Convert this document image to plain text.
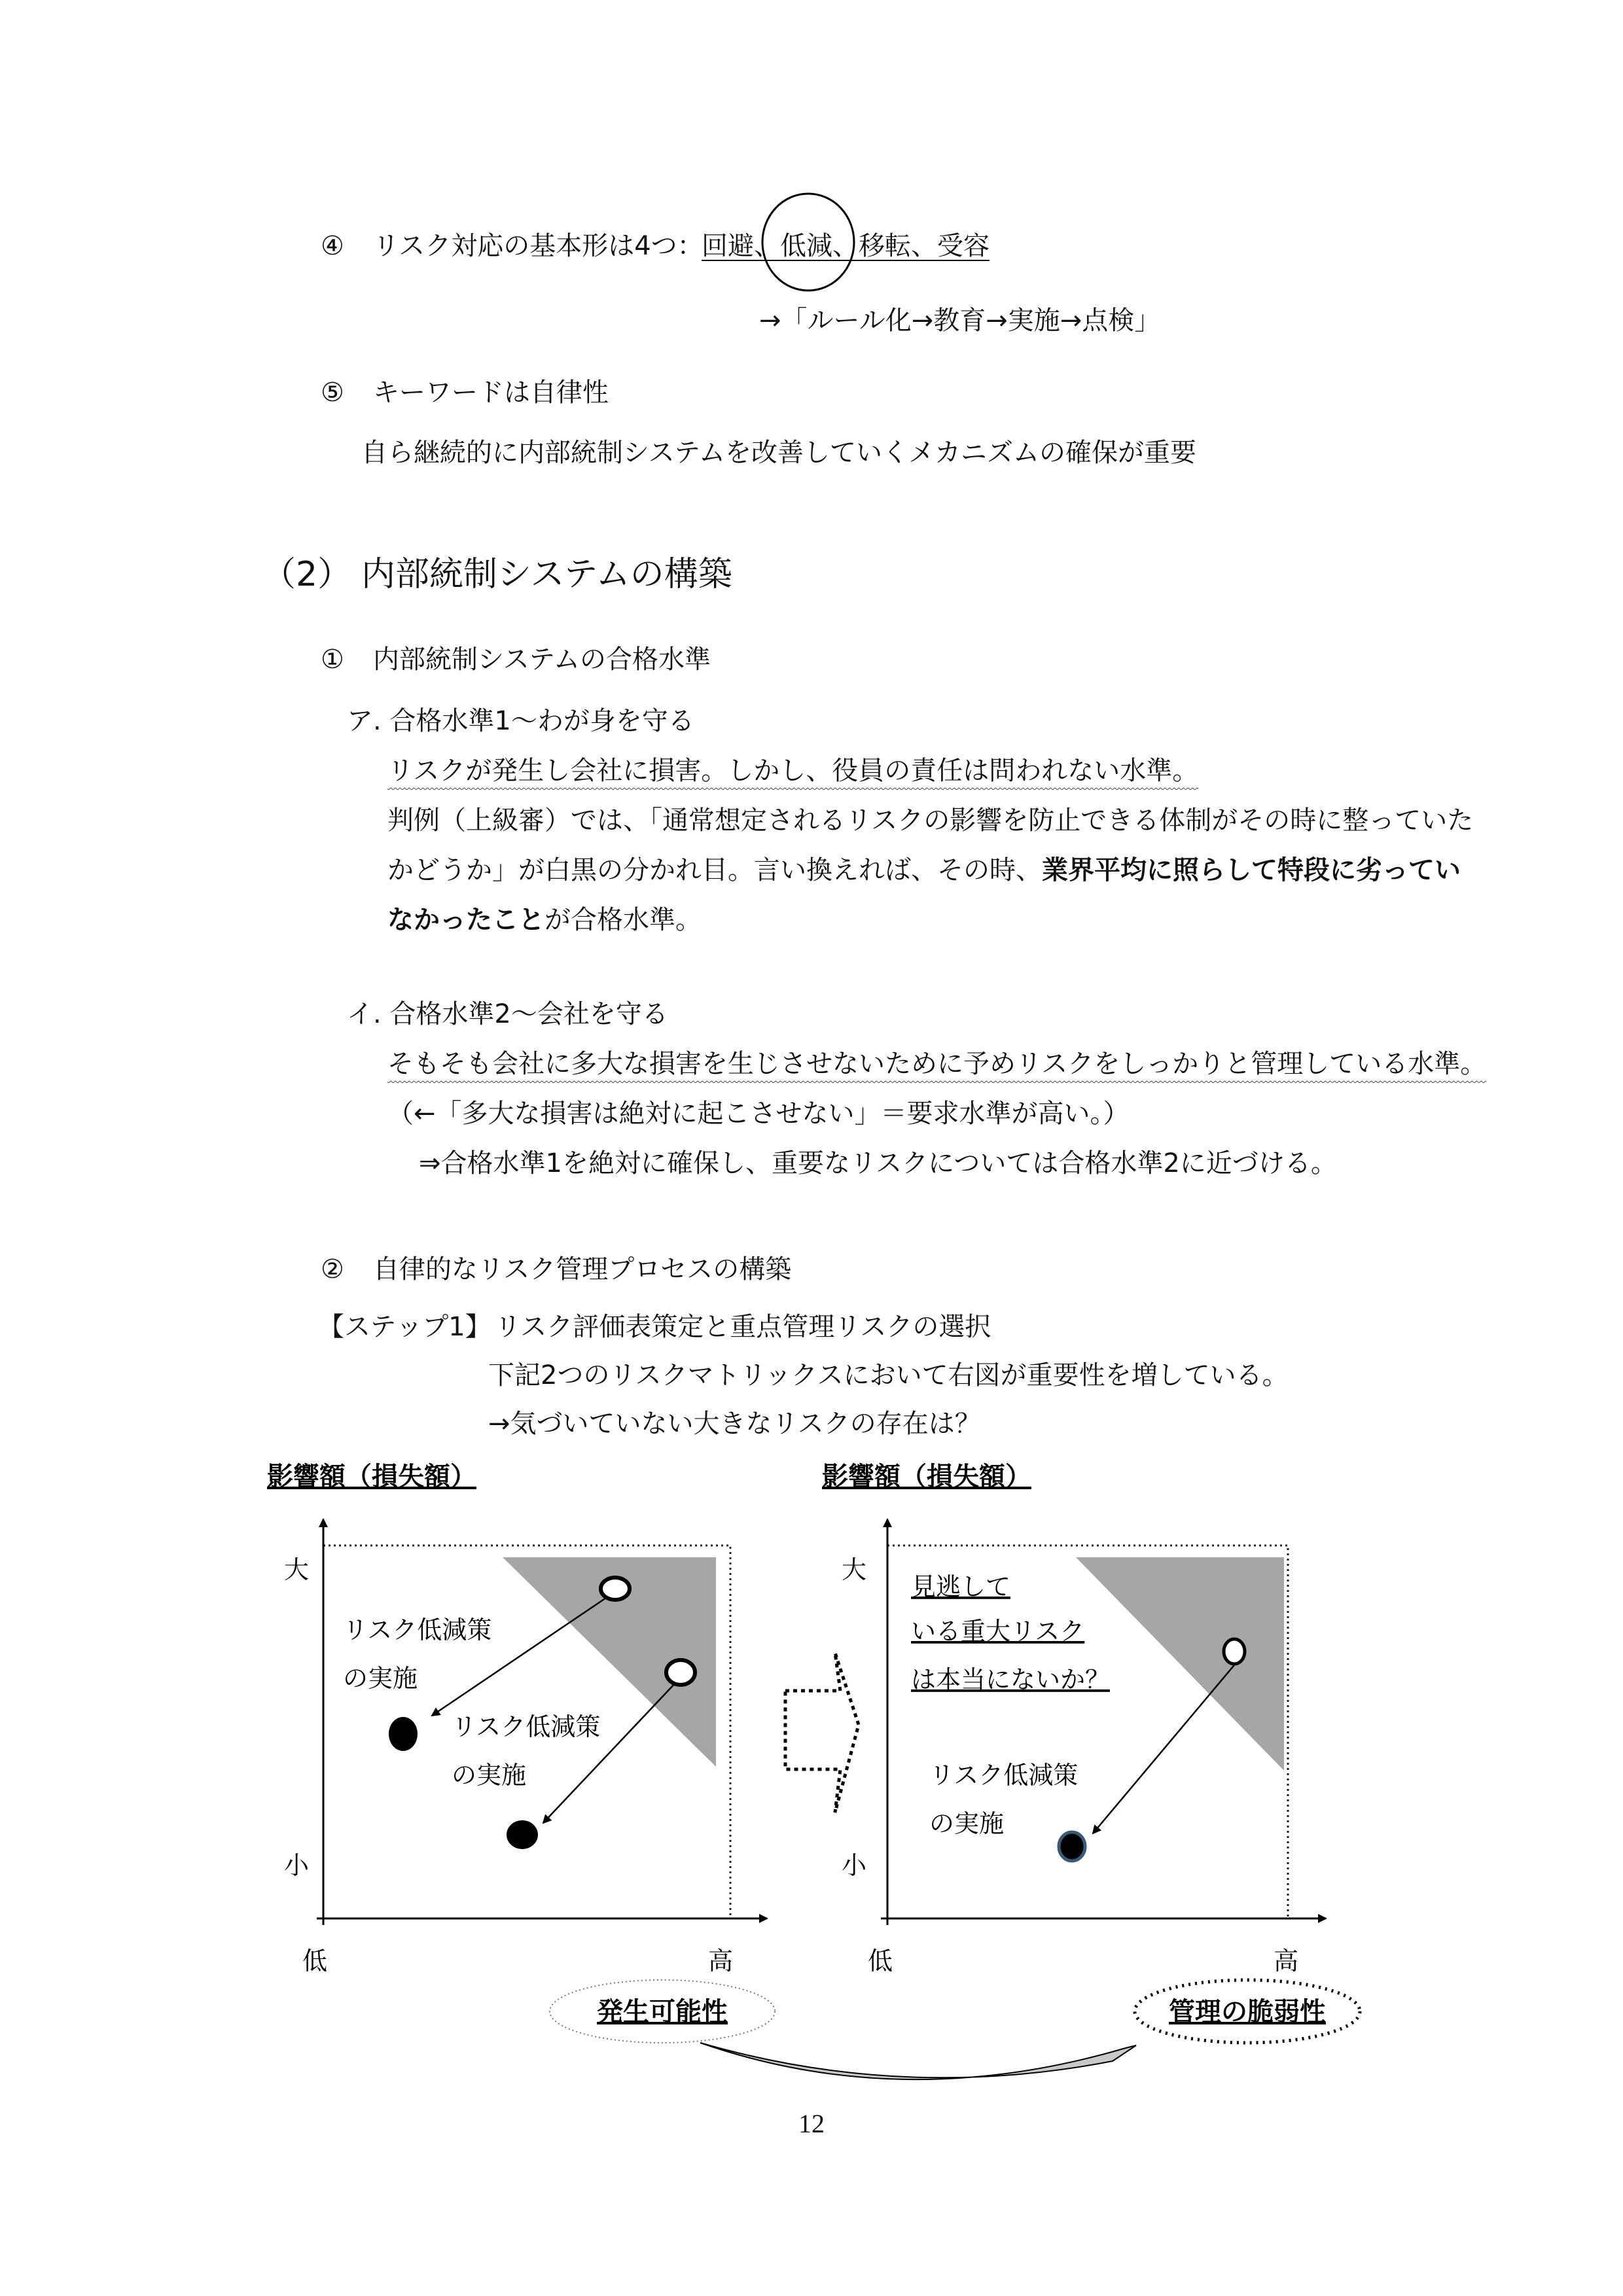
④ リスク対応の基本形は4つ：
回避、低減、移転、受容
→「ルール化→教育→実施→点検」
⑤ キーワードは自律性
自ら継続的に内部統制システムを改善していくメカニズムの確保が重要
（2） 内部統制システムの構築
① 内部統制システムの合格水準
ア. 合格水準1～わが身を守る
リスクが発生し会社に損害。しかし、役員の責任は問われない水準。
判例（上級審）では、「通常想定されるリスクの影響を防止できる体制がその時に整っていた
かどうか」が白黒の分かれ目。言い換えれば、その時、業界平均に照らして特段に劣ってい
なかったことが合格水準。
イ. 合格水準2～会社を守る
そもそも会社に多大な損害を生じさせないために予めリスクをしっかりと管理している水準。
（←「多大な損害は絶対に起こさせない」＝要求水準が高い。）
⇒合格水準1を絶対に確保し、重要なリスクについては合格水準2に近づける。
② 自律的なリスク管理プロセスの構築
【ステップ1】 リスク評価表策定と重点管理リスクの選択
下記2つのリスクマトリックスにおいて右図が重要性を増している。
→気づいていない大きなリスクの存在は？
影響額（損失額）
大
小
低	高
リスク低減策
の実施
リスク低減策
の実施
影響額（損失額）
大
小
低	高
見逃して
いる重大リスク
は本当にないか？
リスク低減策
の実施
発生可能性	管理の脆弱性
12
